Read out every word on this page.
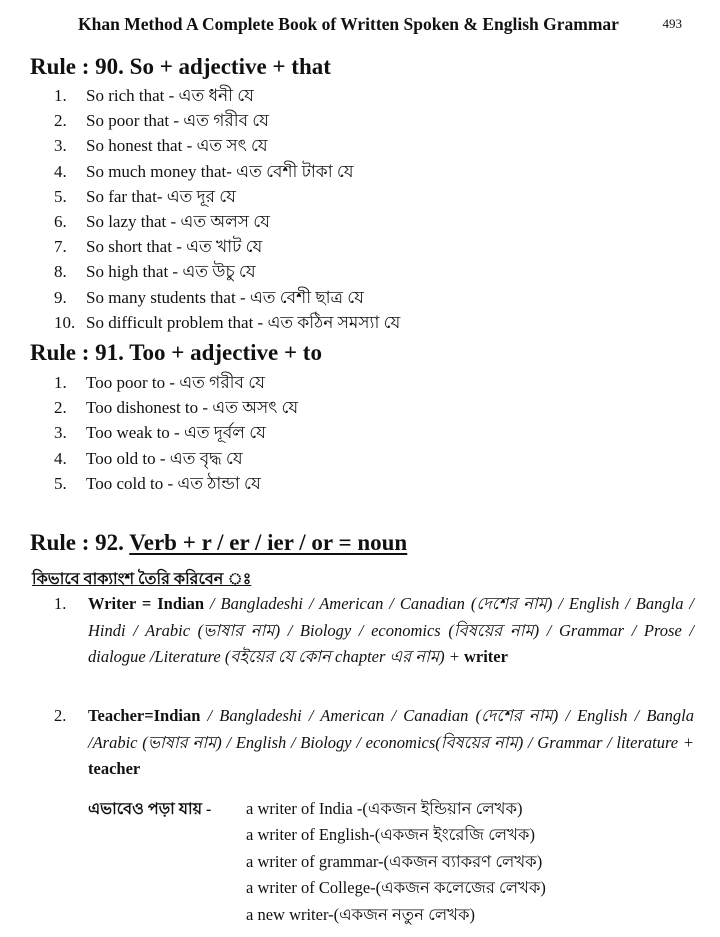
Khan Method A Complete Book of Written Spoken & English Grammar	493
Rule : 90. So + adjective + that
1. So rich that - এত ধনী যে
2. So poor that - এত গরীব যে
3. So honest that - এত সৎ যে
4. So much money that- এত বেশী টাকা যে
5. So far that- এত দূর যে
6. So lazy that - এত অলস যে
7. So short that - এত খাট যে
8. So high that - এত উচু যে
9. So many students that - এত বেশী ছাত্র যে
10. So difficult problem that - এত কঠিন সমস্যা যে
Rule : 91. Too + adjective + to
1. Too poor to - এত গরীব যে
2. Too dishonest to - এত অসৎ যে
3. Too weak to - এত দূর্বল যে
4. Too old to - এত বৃদ্ধ যে
5. Too cold to - এত ঠান্ডা যে
Rule : 92. Verb + r / er / ier / or = noun
কিভাবে বাক্যাংশ তৈরি করিবেন ঃ
1. Writer = Indian / Bangladeshi / American / Canadian (দেশের নাম) / English / Bangla / Hindi / Arabic (ভাষার নাম) / Biology / economics (বিষয়ের নাম) / Grammar / Prose / dialogue /Literature (বইয়ের যে কোন chapter এর নাম) + writer
2. Teacher=Indian / Bangladeshi / American / Canadian (দেশের নাম) / English / Bangla /Arabic (ভাষার নাম) / English / Biology / economics(বিষয়ের নাম) / Grammar / literature + teacher
এভাবেও পড়া যায় - a writer of India -(একজন ইন্ডিয়ান লেখক)
a writer of English-(একজন ইংরেজি লেখক)
a writer of grammar-(একজন ব্যাকরণ লেখক)
a writer of College-(একজন কলেজের লেখক)
a new writer-(একজন নতুন লেখক)
